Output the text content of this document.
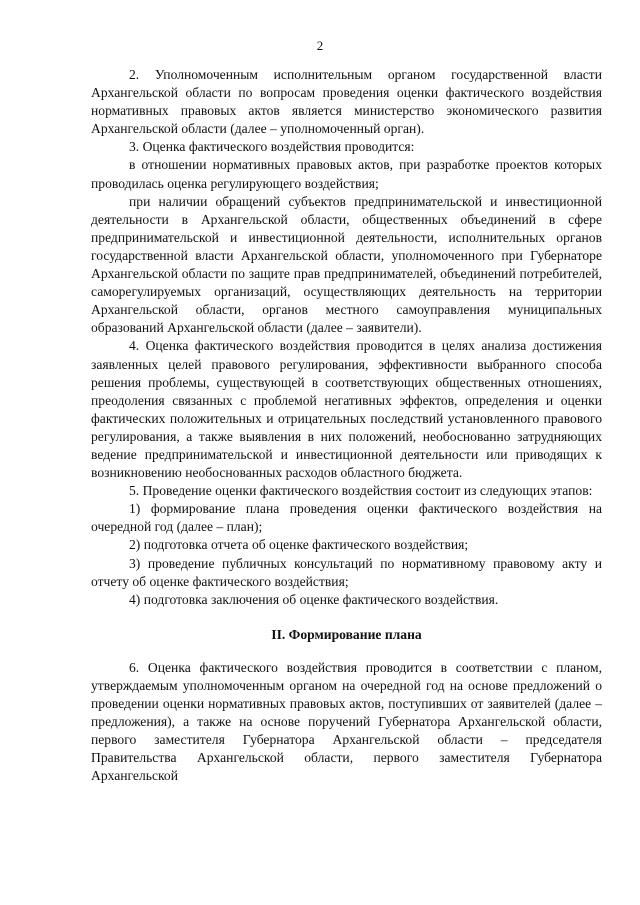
2

2. Уполномоченным исполнительным органом государственной власти Архангельской области по вопросам проведения оценки фактического воздействия нормативных правовых актов является министерство экономического развития Архангельской области (далее – уполномоченный орган).

3. Оценка фактического воздействия проводится:

в отношении нормативных правовых актов, при разработке проектов которых проводилась оценка регулирующего воздействия;

при наличии обращений субъектов предпринимательской и инвестиционной деятельности в Архангельской области, общественных объединений в сфере предпринимательской и инвестиционной деятельности, исполнительных органов государственной власти Архангельской области, уполномоченного при Губернаторе Архангельской области по защите прав предпринимателей, объединений потребителей, саморегулируемых организаций, осуществляющих деятельность на территории Архангельской области, органов местного самоуправления муниципальных образований Архангельской области (далее – заявители).

4. Оценка фактического воздействия проводится в целях анализа достижения заявленных целей правового регулирования, эффективности выбранного способа решения проблемы, существующей в соответствующих общественных отношениях, преодоления связанных с проблемой негативных эффектов, определения и оценки фактических положительных и отрицательных последствий установленного правового регулирования, а также выявления в них положений, необоснованно затрудняющих ведение предпринимательской и инвестиционной деятельности или приводящих к возникновению необоснованных расходов областного бюджета.

5. Проведение оценки фактического воздействия состоит из следующих этапов:

1) формирование плана проведения оценки фактического воздействия на очередной год (далее – план);

2) подготовка отчета об оценке фактического воздействия;

3) проведение публичных консультаций по нормативному правовому акту и отчету об оценке фактического воздействия;

4) подготовка заключения об оценке фактического воздействия.

II. Формирование плана

6. Оценка фактического воздействия проводится в соответствии с планом, утверждаемым уполномоченным органом на очередной год на основе предложений о проведении оценки нормативных правовых актов, поступивших от заявителей (далее – предложения), а также на основе поручений Губернатора Архангельской области, первого заместителя Губернатора Архангельской области – председателя Правительства Архангельской области, первого заместителя Губернатора Архангельской
